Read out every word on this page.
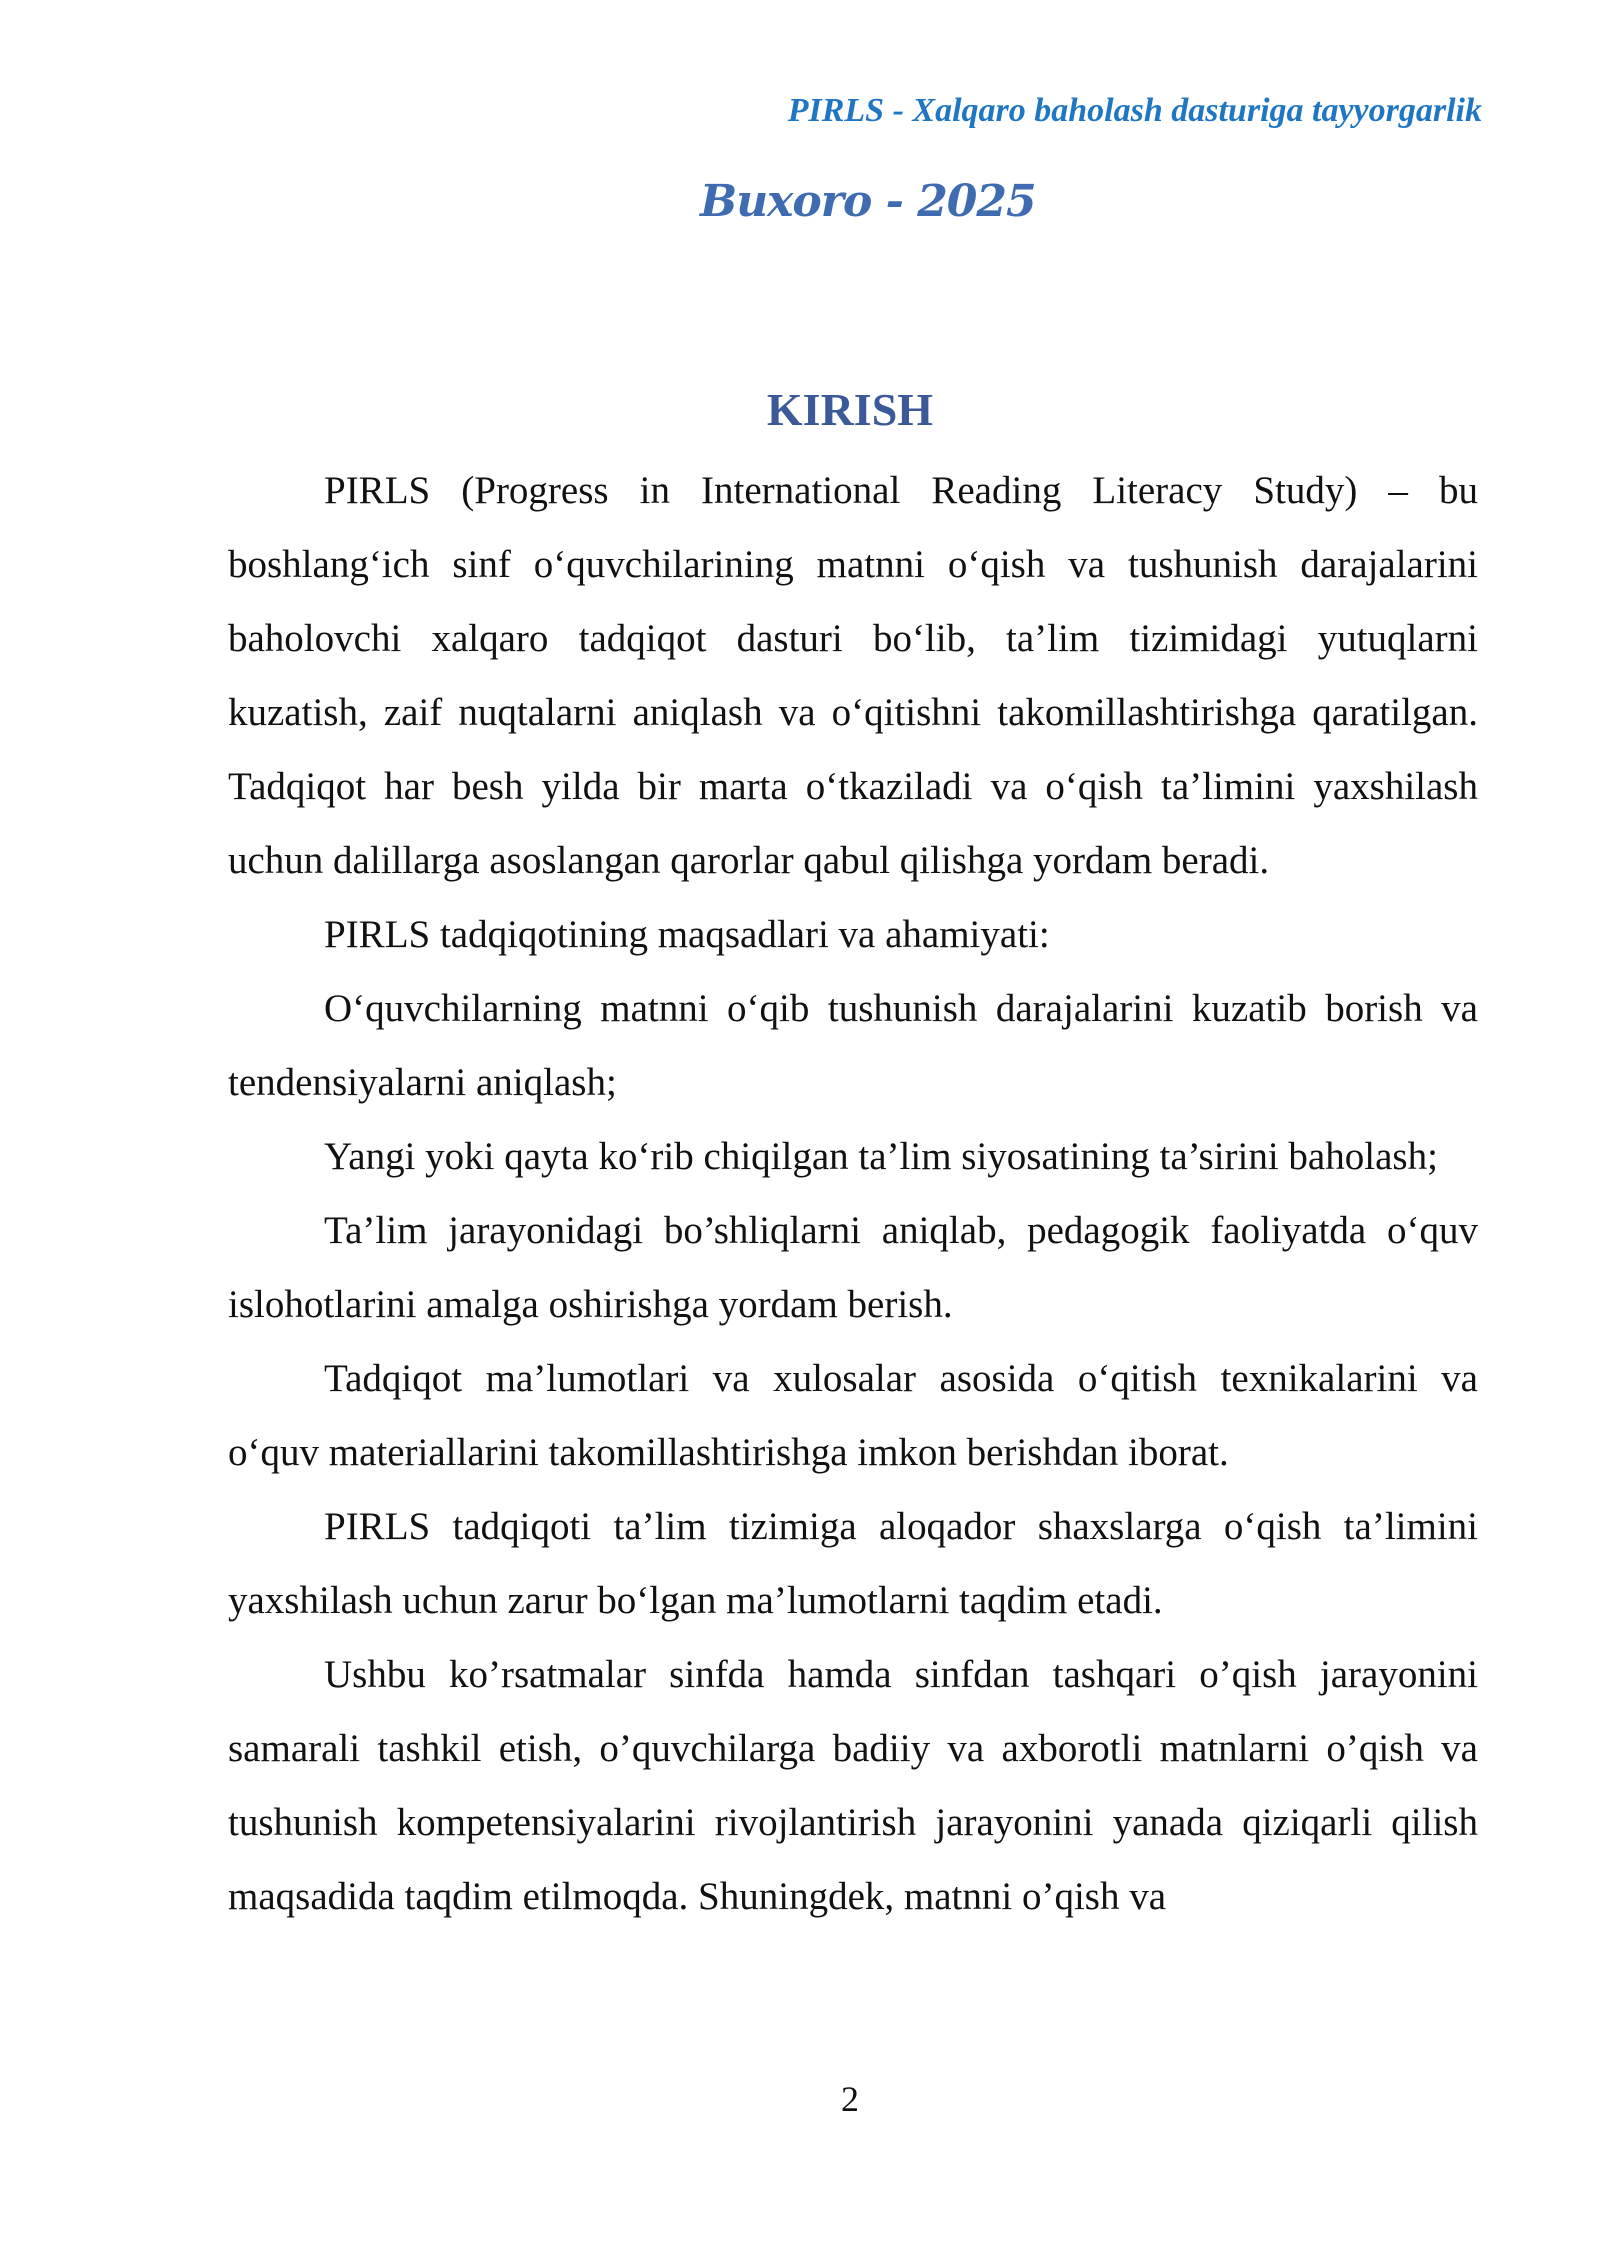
PIRLS - Xalqaro baholash dasturiga tayyorgarlik
Buxoro - 2025
KIRISH

PIRLS (Progress in International Reading Literacy Study) – bu boshlang‘ich sinf o‘quvchilarining matnni o‘qish va tushunish darajalarini baholovchi xalqaro tadqiqot dasturi bo‘lib, ta’lim tizimidagi yutuqlarni kuzatish, zaif nuqtalarni aniqlash va o‘qitishni takomillashtirishga qaratilgan. Tadqiqot har besh yilda bir marta o‘tkaziladi va o‘qish ta’limini yaxshilash uchun dalillarga asoslangan qarorlar qabul qilishga yordam beradi.

PIRLS tadqiqotining maqsadlari va ahamiyati:

O‘quvchilarning matnni o‘qib tushunish darajalarini kuzatib borish va tendensiyalarni aniqlash;

Yangi yoki qayta ko‘rib chiqilgan ta’lim siyosatining ta’sirini baholash;

Ta’lim jarayonidagi bo’shliqlarni aniqlab, pedagogik faoliyatda o‘quv islohotlarini amalga oshirishga yordam berish.

Tadqiqot ma’lumotlari va xulosalar asosida o‘qitish texnikalarini va o‘quv materiallarini takomillashtirishga imkon berishdan iborat.

PIRLS tadqiqoti ta’lim tizimiga aloqador shaxslarga o‘qish ta’limini yaxshilash uchun zarur bo‘lgan ma’lumotlarni taqdim etadi.

Ushbu ko’rsatmalar sinfda hamda sinfdan tashqari o’qish jarayonini samarali tashkil etish, o’quvchilarga badiiy va axborotli matnlarni o’qish va tushunish kompetensiyalarini rivojlantirish jarayonini yanada qiziqarli qilish maqsadida taqdim etilmoqda. Shuningdek, matnni o’qish va

2
